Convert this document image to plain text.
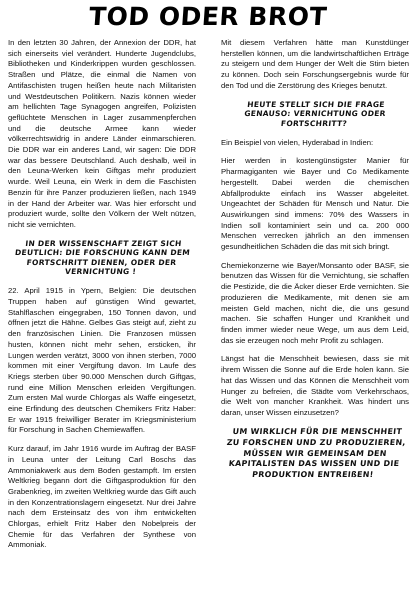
TOD ODER BROT

In den letzten 30 Jahren, der Annexion der DDR, hat sich einerseits viel verändert. Hunderte Jugendclubs, Bibliotheken und Kinderkrippen wurden geschlossen. Straßen und Plätze, die einmal die Namen von Antifaschisten trugen heißen heute nach Militaristen und Westdeutschen Politikern. Nazis können wieder am hellichten Tage Synagogen angreifen, Polizisten geflüchtete Menschen in Lager zusammenpferchen und die deutsche Armee kann wieder völkerrechtswidrig in andere Länder einmarschieren. Die DDR war ein anderes Land, wir sagen: Die DDR war das bessere Deutschland. Auch deshalb, weil in den Leuna-Werken kein Giftgas mehr produziert wurde. Weil Leuna, ein Werk in dem die Faschisten Benzin für ihre Panzer produzieren ließen, nach 1949 in der Hand der Arbeiter war. Was hier erforscht und produziert wurde, sollte den Völkern der Welt nützen, nicht sie vernichten.

IN DER WISSENSCHAFT ZEIGT SICH DEUTLICH: DIE FORSCHUNG KANN DEM FORTSCHRITT DIENEN, ODER DER VERNICHTUNG !

22. April 1915 in Ypern, Belgien: Die deutschen Truppen haben auf günstigen Wind gewartet, Stahlflaschen eingegraben, 150 Tonnen davon, und öffnen jetzt die Hähne. Gelbes Gas steigt auf, zieht zu den französischen Linien. Die Franzosen müssen husten, können nicht mehr sehen, ersticken, ihr Lungen werden verätzt, 3000 von ihnen sterben, 7000 kommen mit einer Vergiftung davon. Im Laufe des Kriegs sterben über 90.000 Menschen durch Giftgas, rund eine Million Menschen erleiden Vergiftungen. Zum ersten Mal wurde Chlorgas als Waffe eingesetzt, eine Erfindung des deutschen Chemikers Fritz Haber: Er war 1915 freiwilliger Berater im Kriegsministerium für Forschung in Sachen Chemiewaffen.

Kurz darauf, im Jahr 1916 wurde im Auftrag der BASF in Leuna unter der Leitung Carl Boschs das Ammoniakwerk aus dem Boden gestampft. Im ersten Weltkrieg begann dort die Giftgasproduktion für den Grabenkrieg, im zweiten Weltkrieg wurde das Gift auch in den Konzentrationslagern eingesetzt. Nur drei Jahre nach dem Ersteinsatz des von ihm entwickelten Chlorgas, erhielt Fritz Haber den Nobelpreis der Chemie für das Verfahren der Synthese von Ammoniak.

Mit diesem Verfahren hätte man Kunstdünger herstellen können, um die landwirtschaftlichen Erträge zu steigern und dem Hunger der Welt die Stirn bieten zu können. Doch sein Forschungsergebnis wurde für den Tod und die Zerstörung des Krieges benutzt.

HEUTE STELLT SICH DIE FRAGE GENAUSO: VERNICHTUNG ODER FORTSCHRITT?

Ein Beispiel von vielen, Hyderabad in Indien:

Hier werden in kostengünstigster Manier für Pharmagiganten wie Bayer und Co Medikamente hergestellt. Dabei werden die chemischen Abfallprodukte einfach ins Wasser abgeleitet. Ungeachtet der Schäden für Mensch und Natur. Die Auswirkungen sind immens: 70% des Wassers in Indien soll kontaminiert sein und ca. 200 000 Menschen verrecken jährlich an den immensen gesundheitlichen Schäden die das mit sich bringt.

Chemiekonzerne wie Bayer/Monsanto oder BASF, sie benutzen das Wissen für die Vernichtung, sie schaffen die Pestizide, die die Äcker dieser Erde vernichten. Sie produzieren die Medikamente, mit denen sie am meisten Geld machen, nicht die, die uns gesund machen. Sie schaffen Hunger und Krankheit und finden immer wieder neue Wege, um aus dem Leid, das sie erzeugen noch mehr Profit zu schlagen.

Längst hat die Menschheit bewiesen, dass sie mit ihrem Wissen die Sonne auf die Erde holen kann. Sie hat das Wissen und das Können die Menschheit vom Hunger zu befreien, die Städte vom Verkehrschaos, die Welt von mancher Krankheit. Was hindert uns daran, unser Wissen einzusetzen?

UM WIRKLICH FÜR DIE MENSCHHEIT ZU FORSCHEN UND ZU PRODUZIEREN, MÜSSEN WIR GEMEINSAM DEN KAPITALISTEN DAS WISSEN UND DIE PRODUKTION ENTREIßEN!
